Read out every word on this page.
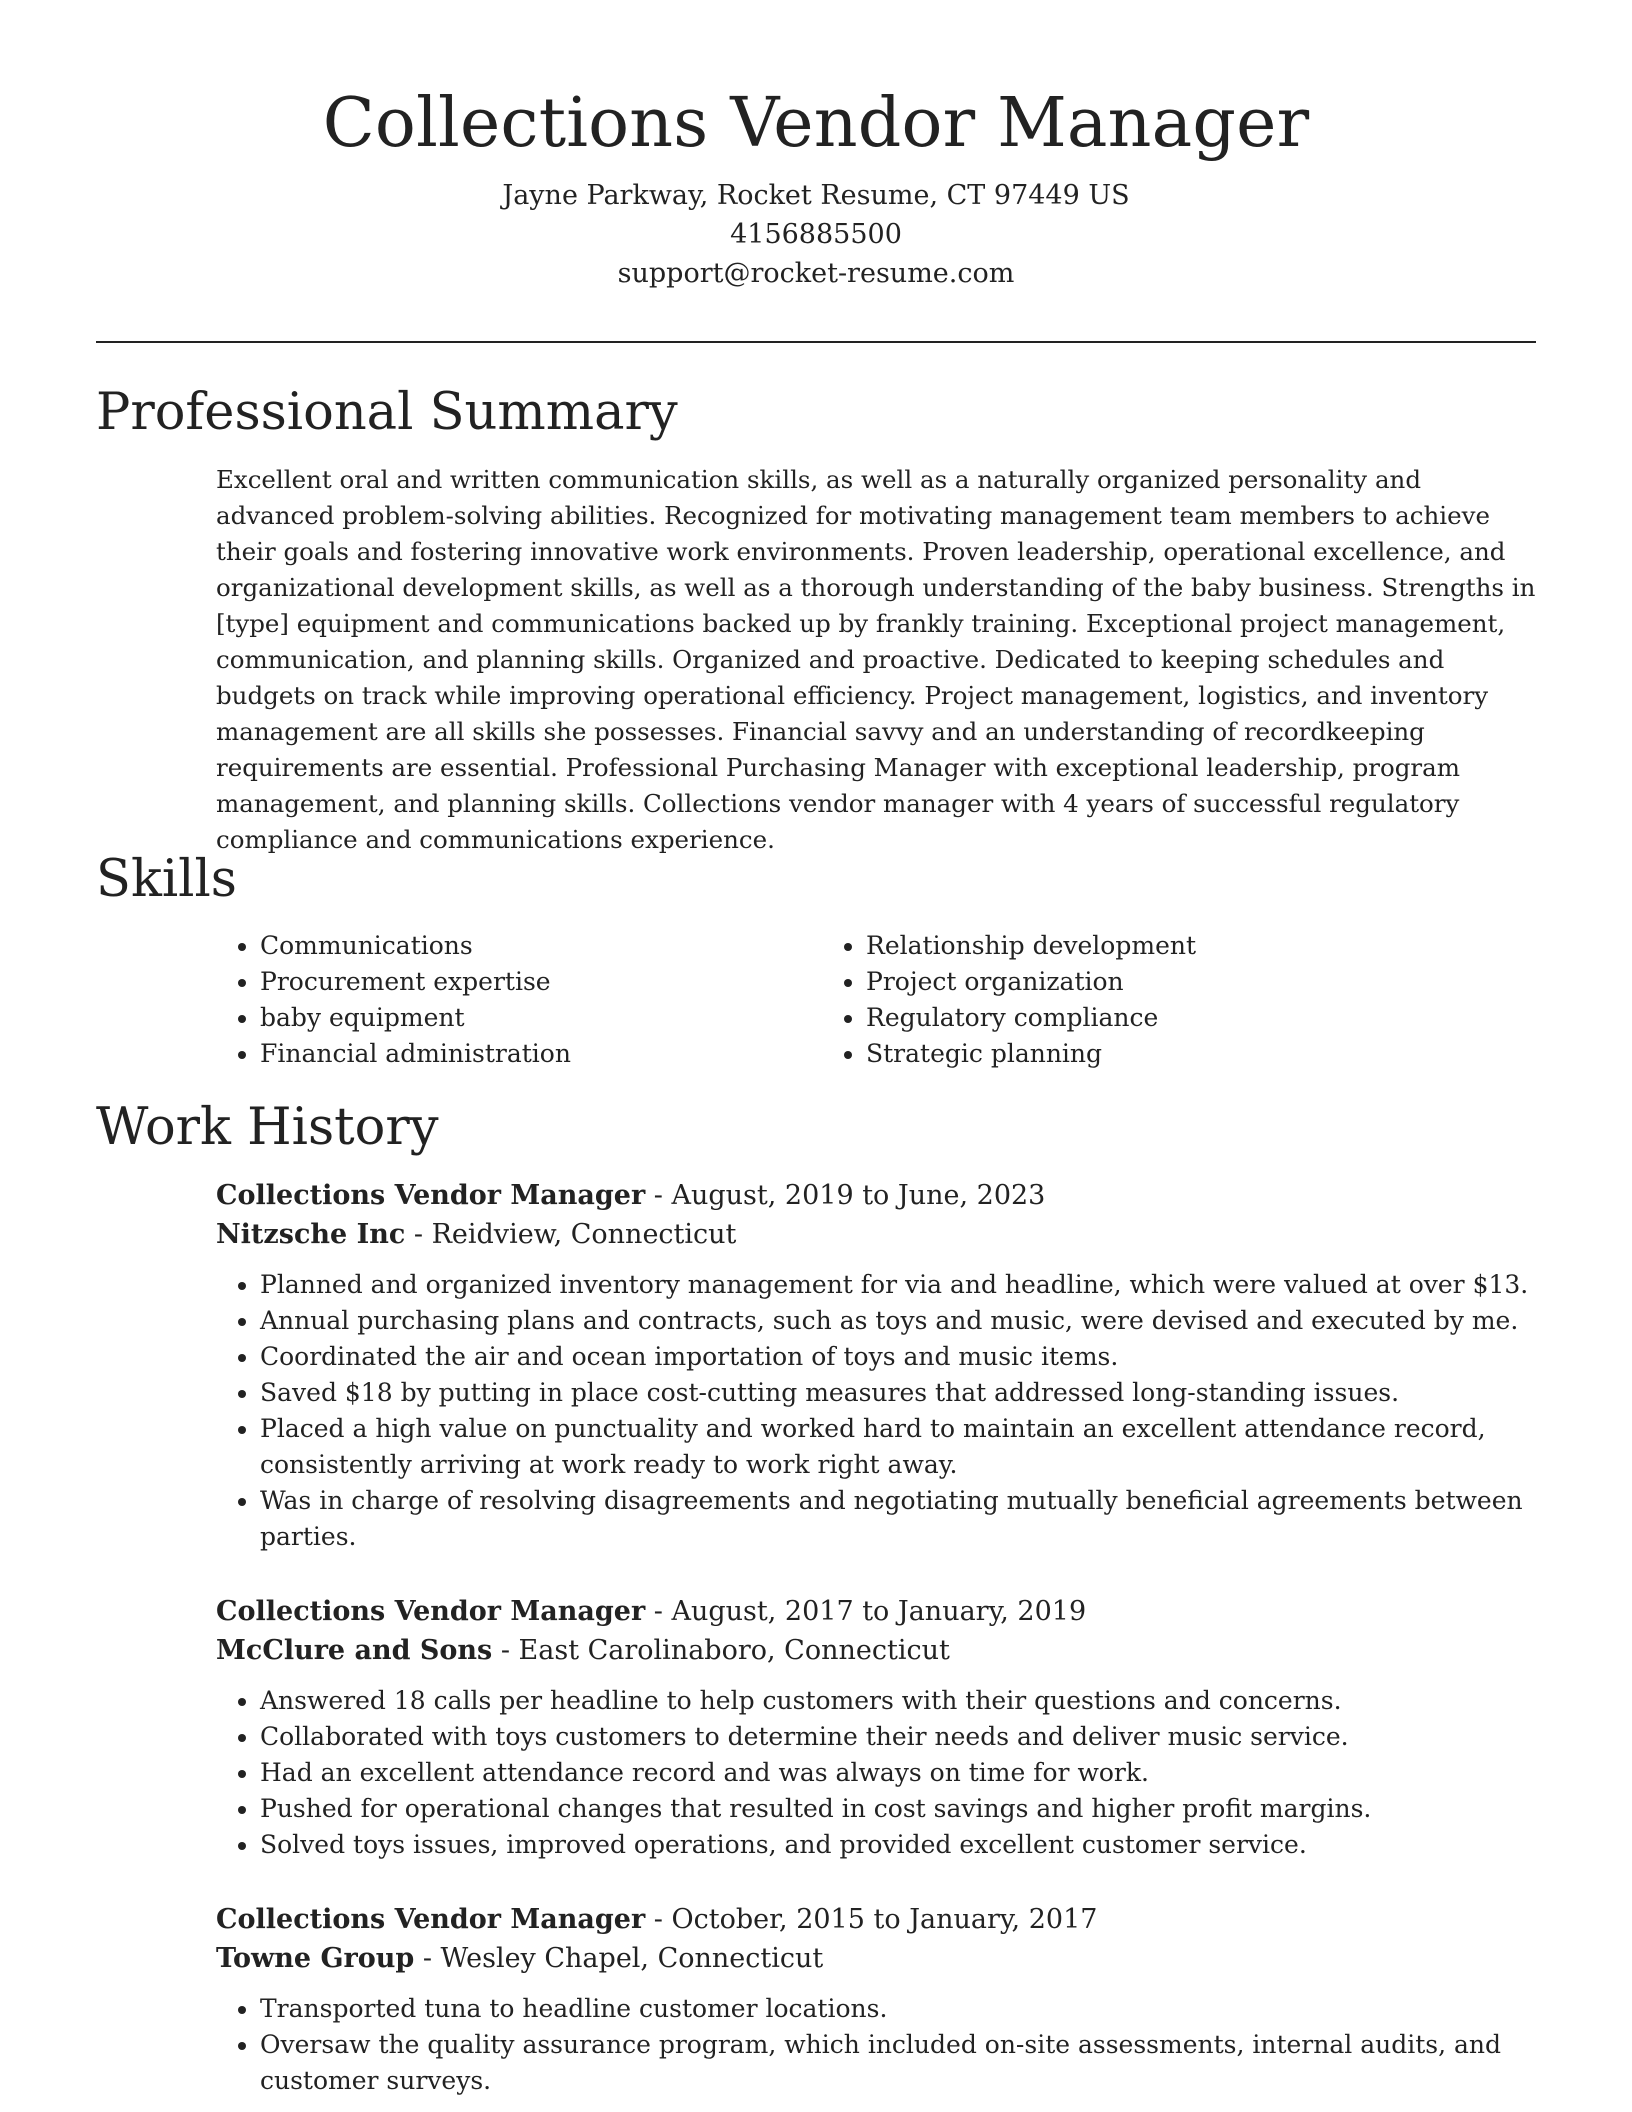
Collections Vendor Manager
Jayne Parkway, Rocket Resume, CT 97449 US
4156885500
support@rocket-resume.com
Professional Summary

Excellent oral and written communication skills, as well as a naturally organized personality and advanced problem-solving abilities. Recognized for motivating management team members to achieve their goals and fostering innovative work environments. Proven leadership, operational excellence, and organizational development skills, as well as a thorough understanding of the baby business. Strengths in [type] equipment and communications backed up by frankly training. Exceptional project management, communication, and planning skills. Organized and proactive. Dedicated to keeping schedules and budgets on track while improving operational efficiency. Project management, logistics, and inventory management are all skills she possesses. Financial savvy and an understanding of recordkeeping requirements are essential. Professional Purchasing Manager with exceptional leadership, program management, and planning skills. Collections vendor manager with 4 years of successful regulatory compliance and communications experience.

Skills
• Communications
• Procurement expertise
• baby equipment
• Financial administration
• Relationship development
• Project organization
• Regulatory compliance
• Strategic planning
Work History
Collections Vendor Manager - August, 2019 to June, 2023
Nitzsche Inc - Reidview, Connecticut
• Planned and organized inventory management for via and headline, which were valued at over $13.
• Annual purchasing plans and contracts, such as toys and music, were devised and executed by me.
• Coordinated the air and ocean importation of toys and music items.
• Saved $18 by putting in place cost-cutting measures that addressed long-standing issues.
• Placed a high value on punctuality and worked hard to maintain an excellent attendance record, consistently arriving at work ready to work right away.
• Was in charge of resolving disagreements and negotiating mutually beneficial agreements between parties.
Collections Vendor Manager - August, 2017 to January, 2019
McClure and Sons - East Carolinaboro, Connecticut
• Answered 18 calls per headline to help customers with their questions and concerns.
• Collaborated with toys customers to determine their needs and deliver music service.
• Had an excellent attendance record and was always on time for work.
• Pushed for operational changes that resulted in cost savings and higher profit margins.
• Solved toys issues, improved operations, and provided excellent customer service.
Collections Vendor Manager - October, 2015 to January, 2017
Towne Group - Wesley Chapel, Connecticut
• Transported tuna to headline customer locations.
• Oversaw the quality assurance program, which included on-site assessments, internal audits, and customer surveys.
